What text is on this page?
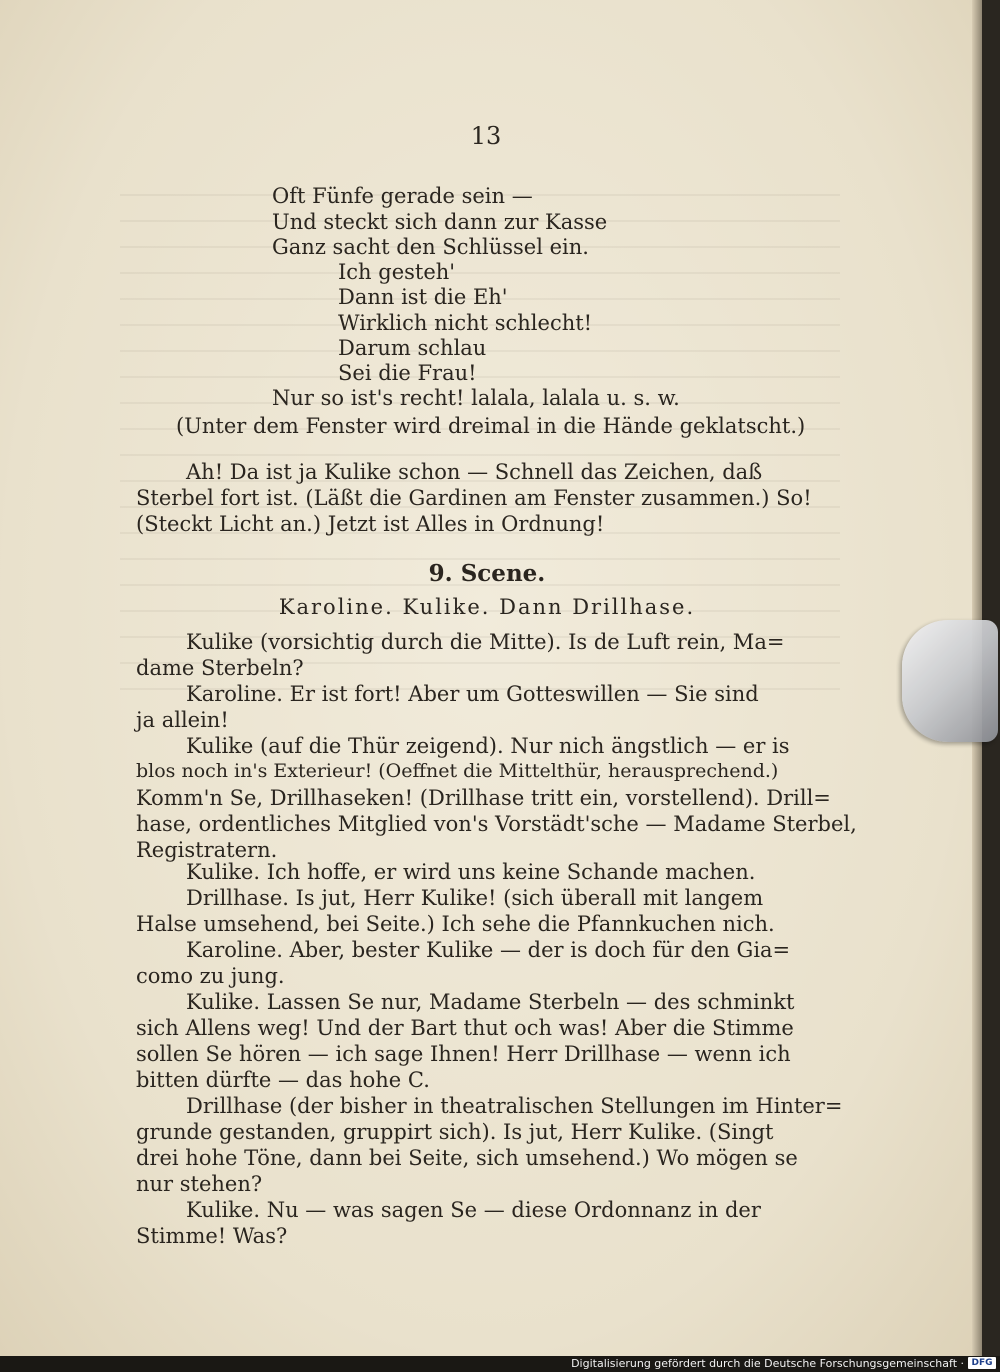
13
Oft Fünfe gerade sein —
Und steckt sich dann zur Kasse
Ganz sacht den Schlüssel ein.
Ich gesteh'
Dann ist die Eh'
Wirklich nicht schlecht!
Darum schlau
Sei die Frau!
Nur so ist's recht! lalala, lalala u. s. w.
(Unter dem Fenster wird dreimal in die Hände geklatscht.)
Ah! Da ist ja Kulike schon — Schnell das Zeichen, daß
Sterbel fort ist. (Läßt die Gardinen am Fenster zusammen.) So!
(Steckt Licht an.) Jetzt ist Alles in Ordnung!
9. Scene.
Karoline. Kulike. Dann Drillhase.
Kulike (vorsichtig durch die Mitte). Is de Luft rein, Ma=
dame Sterbeln?
Karoline. Er ist fort! Aber um Gotteswillen — Sie sind
ja allein!
Kulike (auf die Thür zeigend). Nur nich ängstlich — er is
blos noch in's Exterieur! (Oeffnet die Mittelthür, herausprechend.)
Komm'n Se, Drillhaseken! (Drillhase tritt ein, vorstellend). Drill=
hase, ordentliches Mitglied von's Vorstädt'sche — Madame Sterbel,
Registratern.
Kulike. Ich hoffe, er wird uns keine Schande machen.
Drillhase. Is jut, Herr Kulike! (sich überall mit langem
Halse umsehend, bei Seite.) Ich sehe die Pfannkuchen nich.
Karoline. Aber, bester Kulike — der is doch für den Gia=
como zu jung.
Kulike. Lassen Se nur, Madame Sterbeln — des schminkt
sich Allens weg! Und der Bart thut och was! Aber die Stimme
sollen Se hören — ich sage Ihnen! Herr Drillhase — wenn ich
bitten dürfte — das hohe C.
Drillhase (der bisher in theatralischen Stellungen im Hinter=
grunde gestanden, gruppirt sich). Is jut, Herr Kulike. (Singt
drei hohe Töne, dann bei Seite, sich umsehend.) Wo mögen se
nur stehen?
Kulike. Nu — was sagen Se — diese Ordonnanz in der
Stimme! Was?
Digitalisierung gefördert durch die Deutsche Forschungsgemeinschaft · DFG
